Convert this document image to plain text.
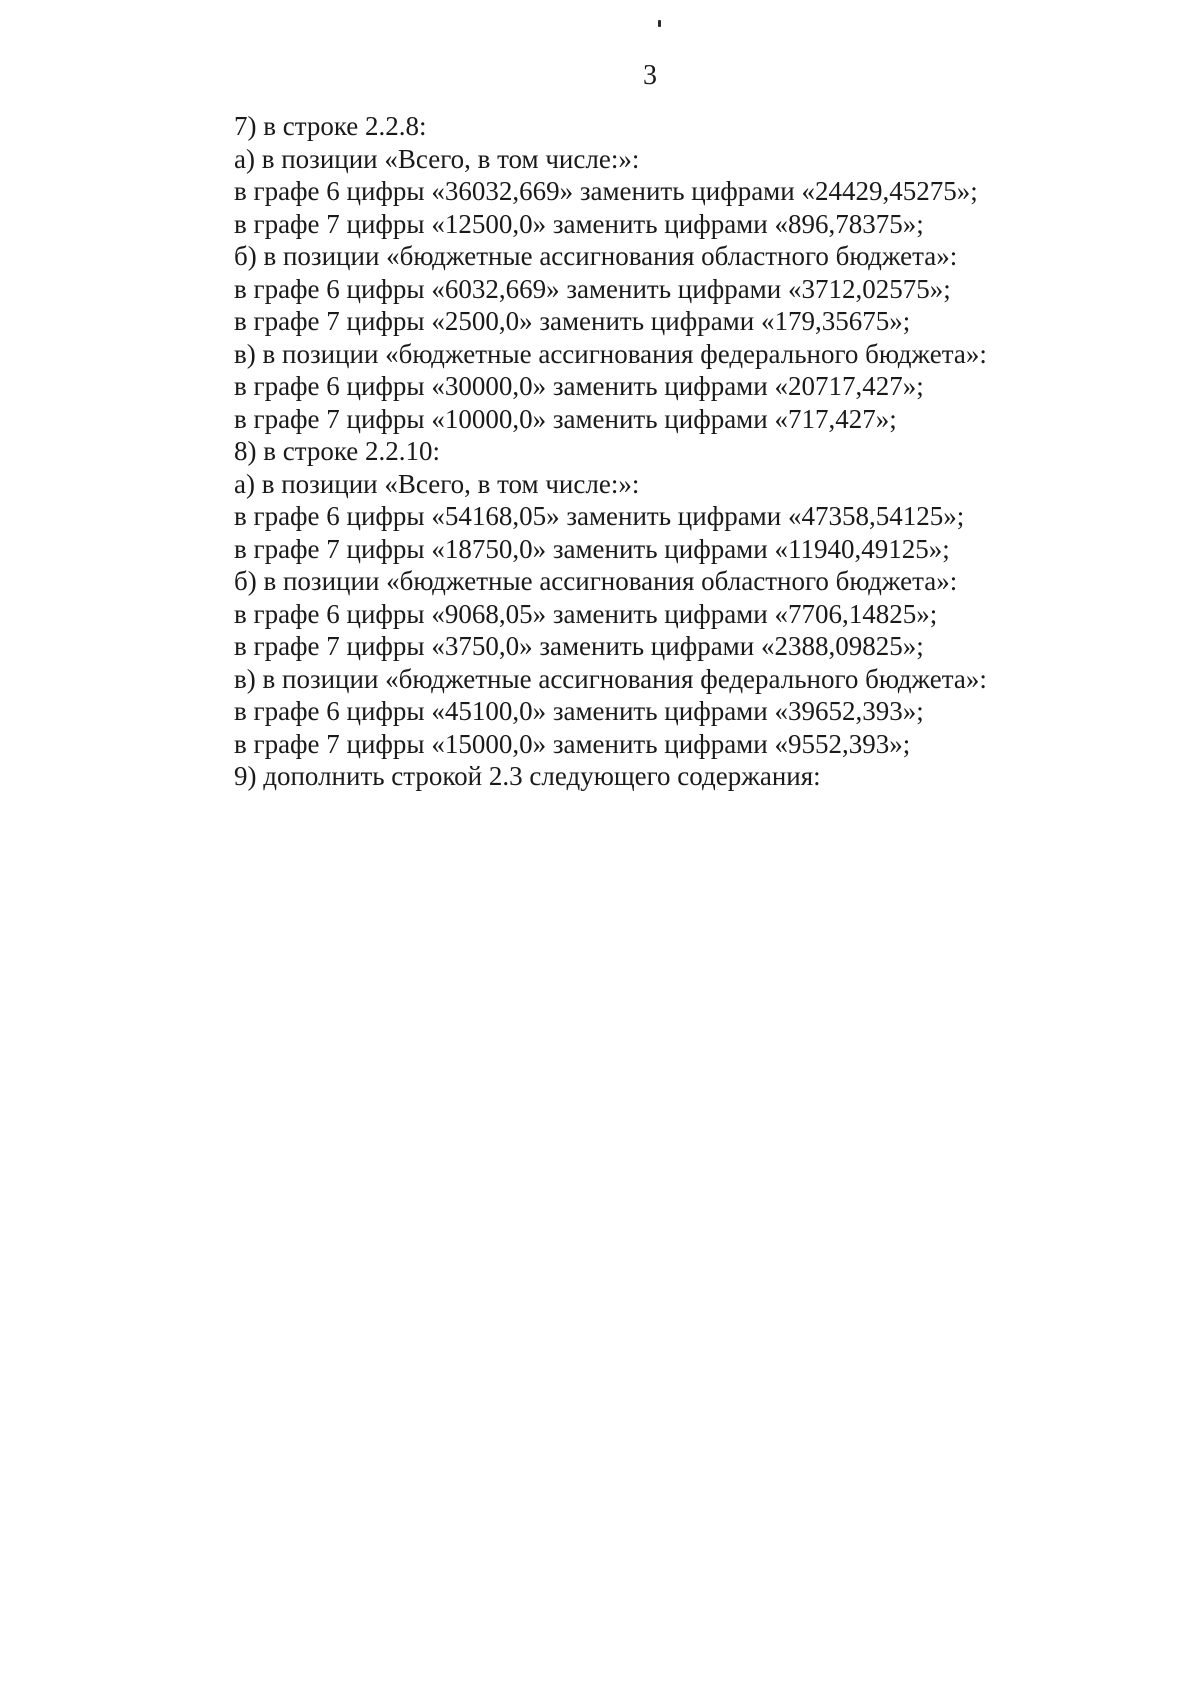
3
7) в строке 2.2.8:
а) в позиции «Всего, в том числе:»:
в графе 6 цифры «36032,669» заменить цифрами «24429,45275»;
в графе 7 цифры «12500,0» заменить цифрами «896,78375»;
б) в позиции «бюджетные ассигнования областного бюджета»:
в графе 6 цифры «6032,669» заменить цифрами «3712,02575»;
в графе 7 цифры «2500,0» заменить цифрами «179,35675»;
в) в позиции «бюджетные ассигнования федерального бюджета»:
в графе 6 цифры «30000,0» заменить цифрами «20717,427»;
в графе 7 цифры «10000,0» заменить цифрами «717,427»;
8) в строке 2.2.10:
а) в позиции «Всего, в том числе:»:
в графе 6 цифры «54168,05» заменить цифрами «47358,54125»;
в графе 7 цифры «18750,0» заменить цифрами «11940,49125»;
б) в позиции «бюджетные ассигнования областного бюджета»:
в графе 6 цифры «9068,05» заменить цифрами «7706,14825»;
в графе 7 цифры «3750,0» заменить цифрами «2388,09825»;
в) в позиции «бюджетные ассигнования федерального бюджета»:
в графе 6 цифры «45100,0» заменить цифрами «39652,393»;
в графе 7 цифры «15000,0» заменить цифрами «9552,393»;
9) дополнить строкой 2.3 следующего содержания:
